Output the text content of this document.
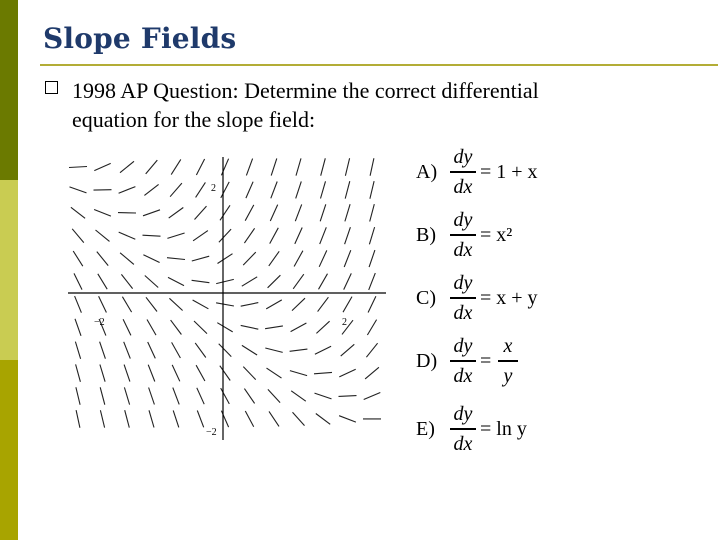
Slope Fields
1998 AP Question: Determine the correct differential
equation for the slope field:
2
−2
−2	2
A)
dy
dx
= 1 + x
B)
dy
dx
= x²
C)
dy
dx
= x + y
D)
dy
dx
=
x
y
E)
dy
dx
= ln y
